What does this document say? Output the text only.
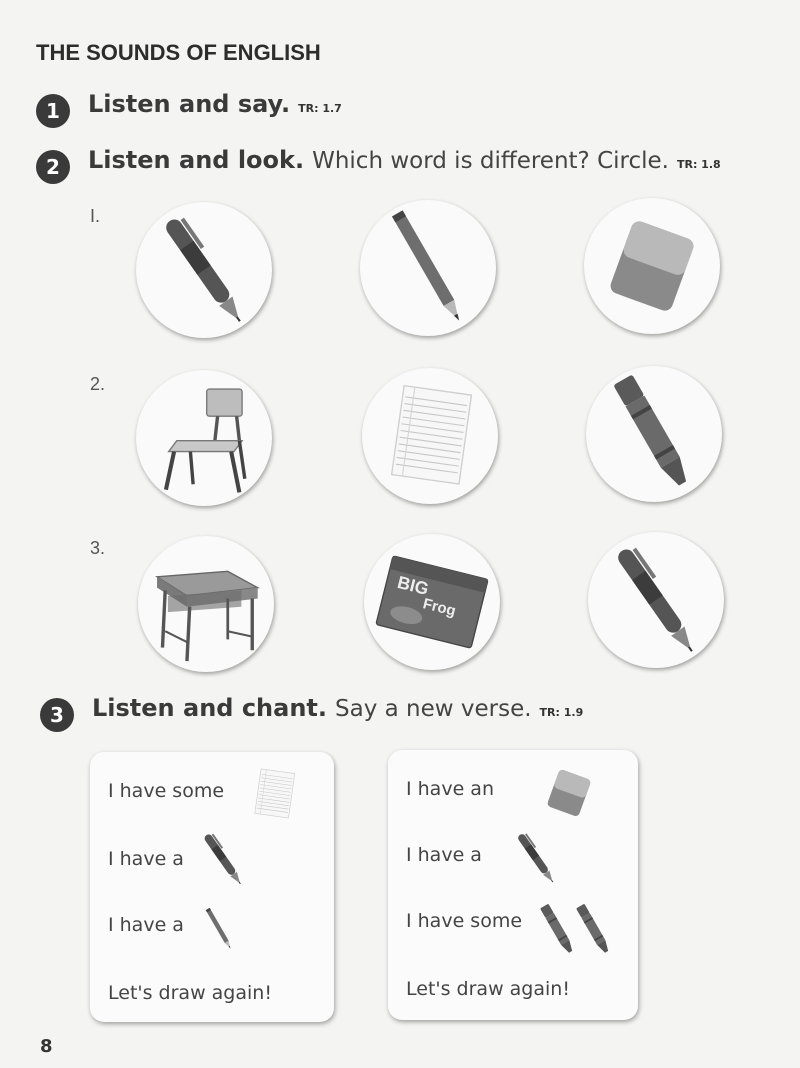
THE SOUNDS OF ENGLISH
1	Listen and say. TR: 1.7
2	Listen and look. Which word is different? Circle. TR: 1.8
I.
2.
3.
BIG
Frog
3	Listen and chant. Say a new verse. TR: 1.9
I have some
I have a
I have a
Let's draw again!
I have an
I have a
I have some
Let's draw again!
8
